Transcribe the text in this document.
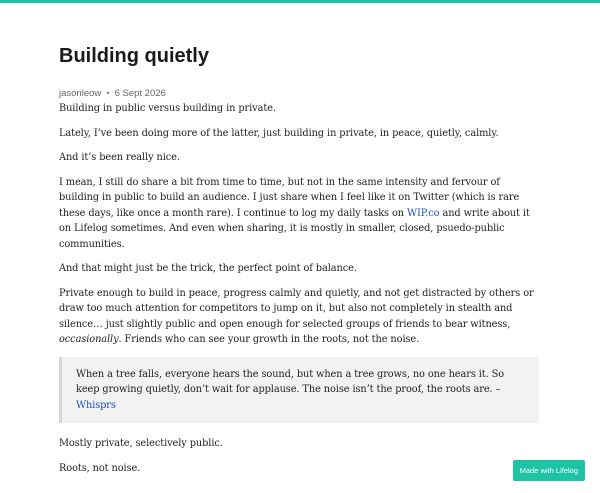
Building quietly
jasonleow • 6 Sept 2026

Building in public versus building in private.

Lately, I’ve been doing more of the latter, just building in private, in peace, quietly, calmly.

And it’s been really nice.

I mean, I still do share a bit from time to time, but not in the same intensity and fervour of building in public to build an audience. I just share when I feel like it on Twitter (which is rare these days, like once a month rare). I continue to log my daily tasks on WIP.co and write about it on Lifelog sometimes. And even when sharing, it is mostly in smaller, closed, psuedo-public communities.

And that might just be the trick, the perfect point of balance.

Private enough to build in peace, progress calmly and quietly, and not get distracted by others or draw too much attention for competitors to jump on it, but also not completely in stealth and silence… just slightly public and open enough for selected groups of friends to bear witness, occasionally. Friends who can see your growth in the roots, not the noise.

When a tree falls, everyone hears the sound, but when a tree grows, no one hears it. So keep growing quietly, don’t wait for applause. The noise isn’t the proof, the roots are. – Whisprs

Mostly private, selectively public.

Roots, not noise.	Made with Lifelog
